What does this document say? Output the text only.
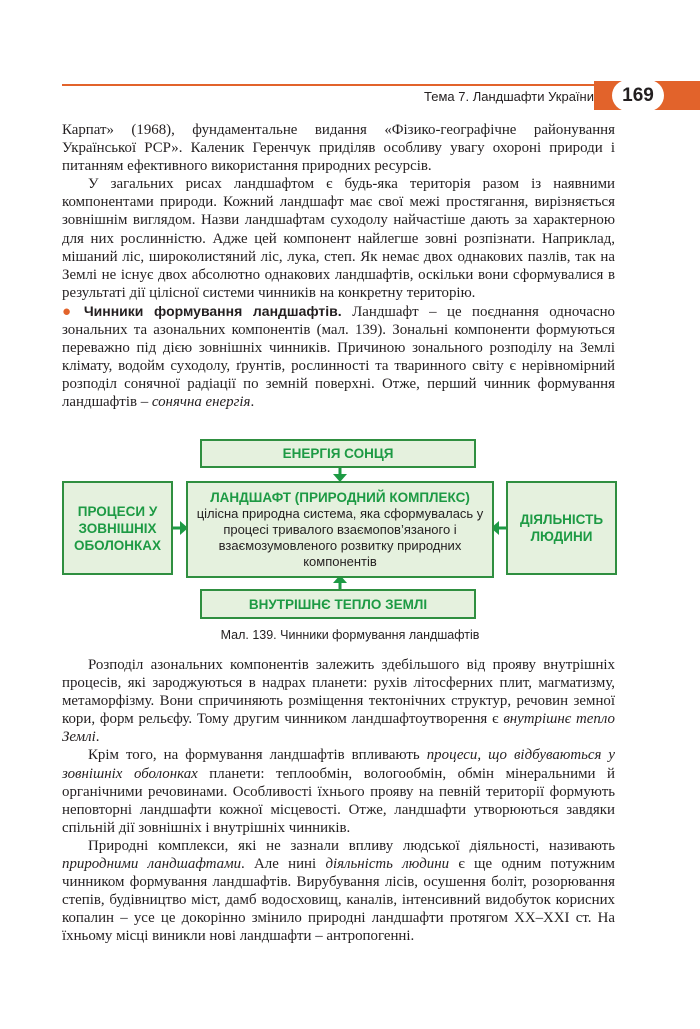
Тема 7. Ландшафти України	169

Карпат» (1968), фундаментальне видання «Фізико-географічне районування Української РСР». Каленик Геренчук приділяв особливу увагу охороні природи і питанням ефективного використання природних ресурсів.

У загальних рисах ландшафтом є будь-яка територія разом із наявними компонентами природи. Кожний ландшафт має свої межі простягання, вирізняється зовнішнім виглядом. Назви ландшафтам суходолу найчастіше дають за характерною для них рослинністю. Адже цей компонент найлегше зовні розпізнати. Наприклад, мішаний ліс, широколистяний ліс, лука, степ. Як немає двох однакових пазлів, так на Землі не існує двох абсолютно однакових ландшафтів, оскільки вони сформувалися в результаті дії цілісної системи чинників на конкретну територію.

● Чинники формування ландшафтів. Ландшафт – це поєднання одночасно зональних та азональних компонентів (мал. 139). Зональні компоненти формуються переважно під дією зовнішніх чинників. Причиною зонального розподілу на Землі клімату, водойм суходолу, ґрунтів, рослинності та тваринного світу є нерівномірний розподіл сонячної радіації по земній поверхні. Отже, перший чинник формування ландшафтів – сонячна енергія.

ЕНЕРГІЯ СОНЦЯ
ПРОЦЕСИ У ЗОВНІШНІХ ОБОЛОНКАХ
ЛАНДШАФТ (ПРИРОДНИЙ КОМПЛЕКС)
цілісна природна система, яка сформувалась у процесі тривалого взаємопов’язаного і взаємозумовленого розвитку природних компонентів
ДІЯЛЬНІСТЬ ЛЮДИНИ
ВНУТРІШНЄ ТЕПЛО ЗЕМЛІ
Мал. 139. Чинники формування ландшафтів

Розподіл азональних компонентів залежить здебільшого від прояву внутрішніх процесів, які зароджуються в надрах планети: рухів літосферних плит, магматизму, метаморфізму. Вони спричиняють розміщення тектонічних структур, речовин земної кори, форм рельєфу. Тому другим чинником ландшафтоутворення є внутрішнє тепло Землі.

Крім того, на формування ландшафтів впливають процеси, що відбуваються у зовнішніх оболонках планети: теплообмін, вологообмін, обмін мінеральними й органічними речовинами. Особливості їхнього прояву на певній території формують неповторні ландшафти кожної місцевості. Отже, ландшафти утворюються завдяки спільній дії зовнішніх і внутрішніх чинників.

Природні комплекси, які не зазнали впливу людської діяльності, називають природними ландшафтами. Але нині діяльність людини є ще одним потужним чинником формування ландшафтів. Вирубування лісів, осушення боліт, розорювання степів, будівництво міст, дамб водосховищ, каналів, інтенсивний видобуток корисних копалин – усе це докорінно змінило природні ландшафти протягом XX–XXI ст. На їхньому місці виникли нові ландшафти – антропогенні.
